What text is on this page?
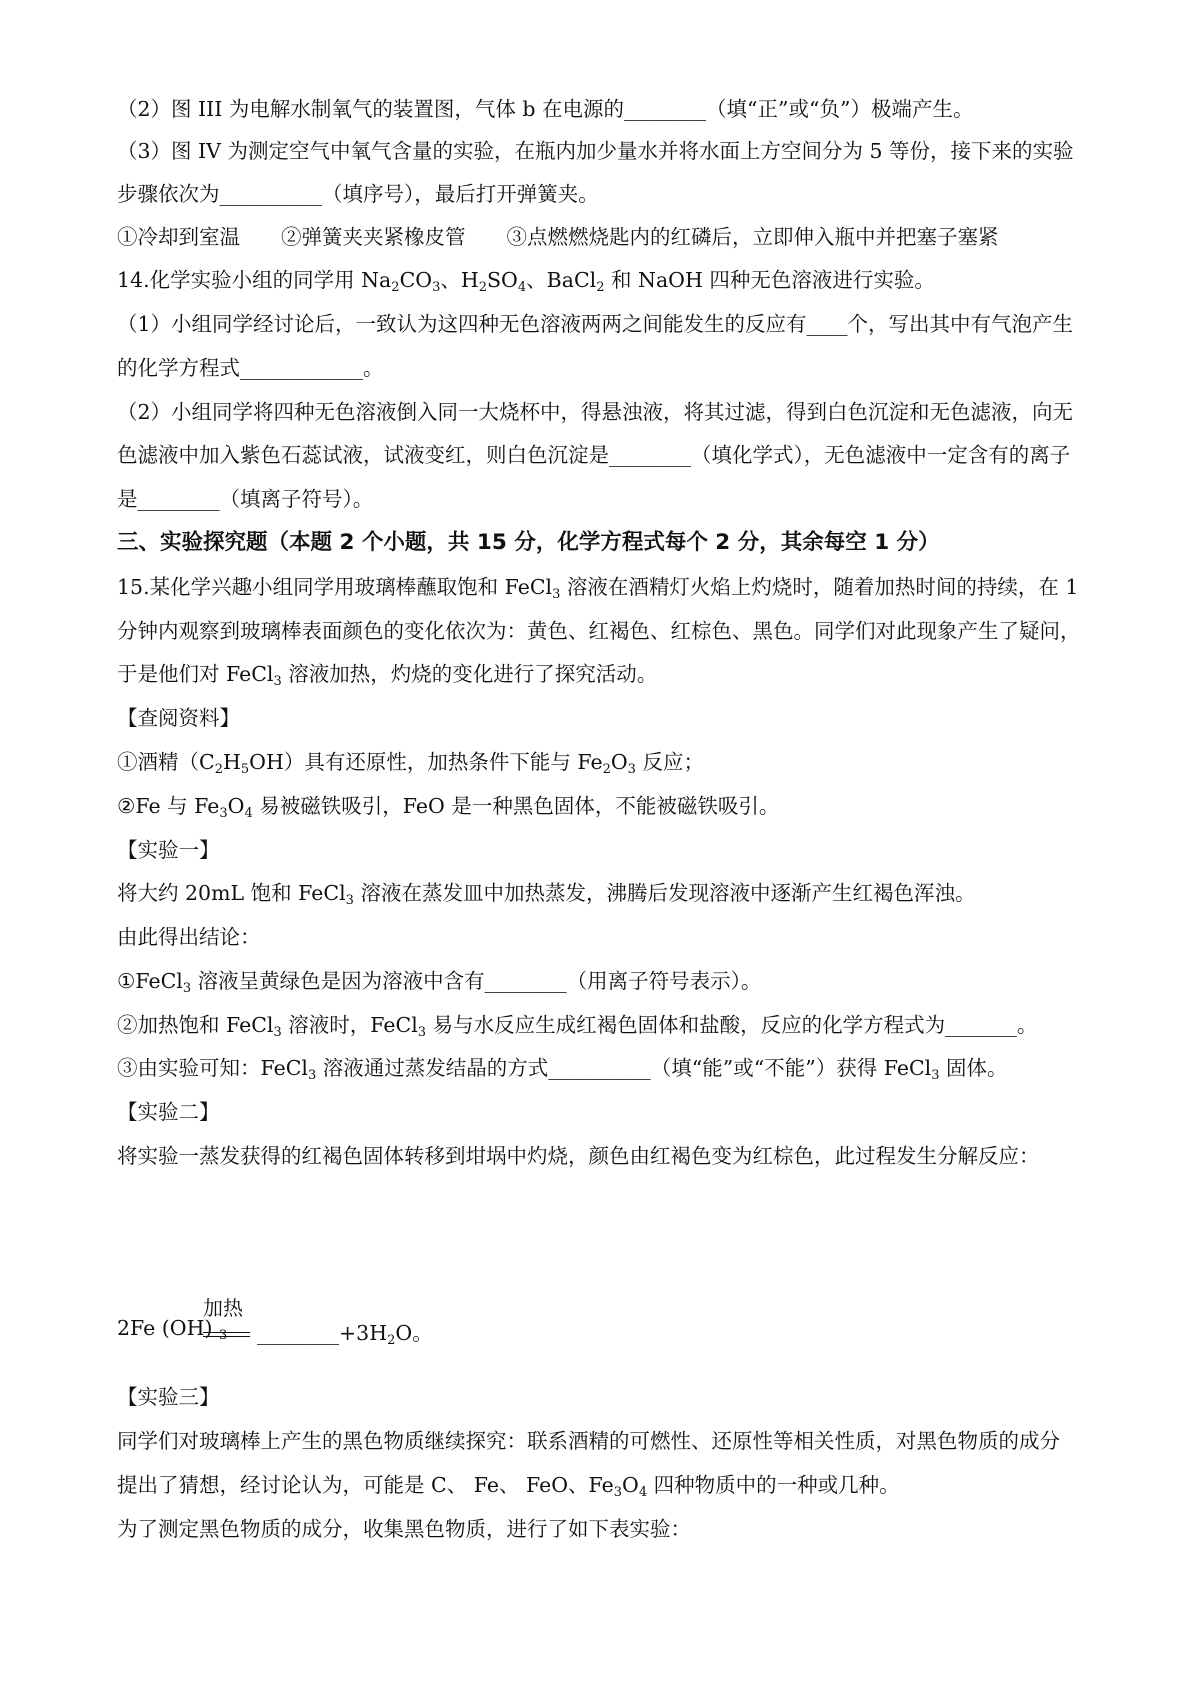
（2）图 III 为电解水制氧气的装置图，气体 b 在电源的________（填“正”或“负”）极端产生。
（3）图 IV 为测定空气中氧气含量的实验，在瓶内加少量水并将水面上方空间分为 5 等份，接下来的实验
步骤依次为__________（填序号），最后打开弹簧夹。
①冷却到室温　　②弹簧夹夹紧橡皮管　　③点燃燃烧匙内的红磷后，立即伸入瓶中并把塞子塞紧
14.化学实验小组的同学用 $Na_2CO_3$、$H_2SO_4$、BaCl$_2$ 和 NaOH 四种无色溶液进行实验。
（1）小组同学经讨论后，一致认为这四种无色溶液两两之间能发生的反应有____个，写出其中有气泡产生
的化学方程式____________。
（2）小组同学将四种无色溶液倒入同一大烧杯中，得悬浊液，将其过滤，得到白色沉淀和无色滤液，向无
色滤液中加入紫色石蕊试液，试液变红，则白色沉淀是________（填化学式），无色滤液中一定含有的离子
是________（填离子符号）。
三、实验探究题（本题 2 个小题，共 15 分，化学方程式每个 2 分，其余每空 1 分）
15.某化学兴趣小组同学用玻璃棒蘸取饱和 FeCl$_3$ 溶液在酒精灯火焰上灼烧时，随着加热时间的持续，在 1
分钟内观察到玻璃棒表面颜色的变化依次为：黄色、红褐色、红棕色、黑色。同学们对此现象产生了疑问，
于是他们对 FeCl$_3$ 溶液加热，灼烧的变化进行了探究活动。
【查阅资料】
①酒精$(C_2H_5OH)$具有还原性，加热条件下能与 $Fe_2O_3$ 反应；
②Fe 与 $Fe_3O_4$ 易被磁铁吸引，FeO 是一种黑色固体，不能被磁铁吸引。
【实验一】
将大约 20mL 饱和 FeCl$_3$ 溶液在蒸发皿中加热蒸发，沸腾后发现溶液中逐渐产生红褐色浑浊。
由此得出结论：
①FeCl$_3$ 溶液呈黄绿色是因为溶液中含有________（用离子符号表示）。
②加热饱和 FeCl$_3$ 溶液时，FeCl$_3$ 易与水反应生成红褐色固体和盐酸，反应的化学方程式为_______。
③由实验可知：FeCl$_3$ 溶液通过蒸发结晶的方式__________（填“能”或“不能”）获得 FeCl$_3$ 固体。
【实验二】
将实验一蒸发获得的红褐色固体转移到坩埚中灼烧，颜色由红褐色变为红棕色，此过程发生分解反应：
2Fe (OH) $_3$
加热
$\_\_\_\_\_\_\_\_+3H_2O$。
【实验三】
同学们对玻璃棒上产生的黑色物质继续探究：联系酒精的可燃性、还原性等相关性质，对黑色物质的成分
提出了猜想，经讨论认为，可能是 C、 Fe、 FeO、$Fe_3O_4$ 四种物质中的一种或几种。
为了测定黑色物质的成分，收集黑色物质，进行了如下表实验：
